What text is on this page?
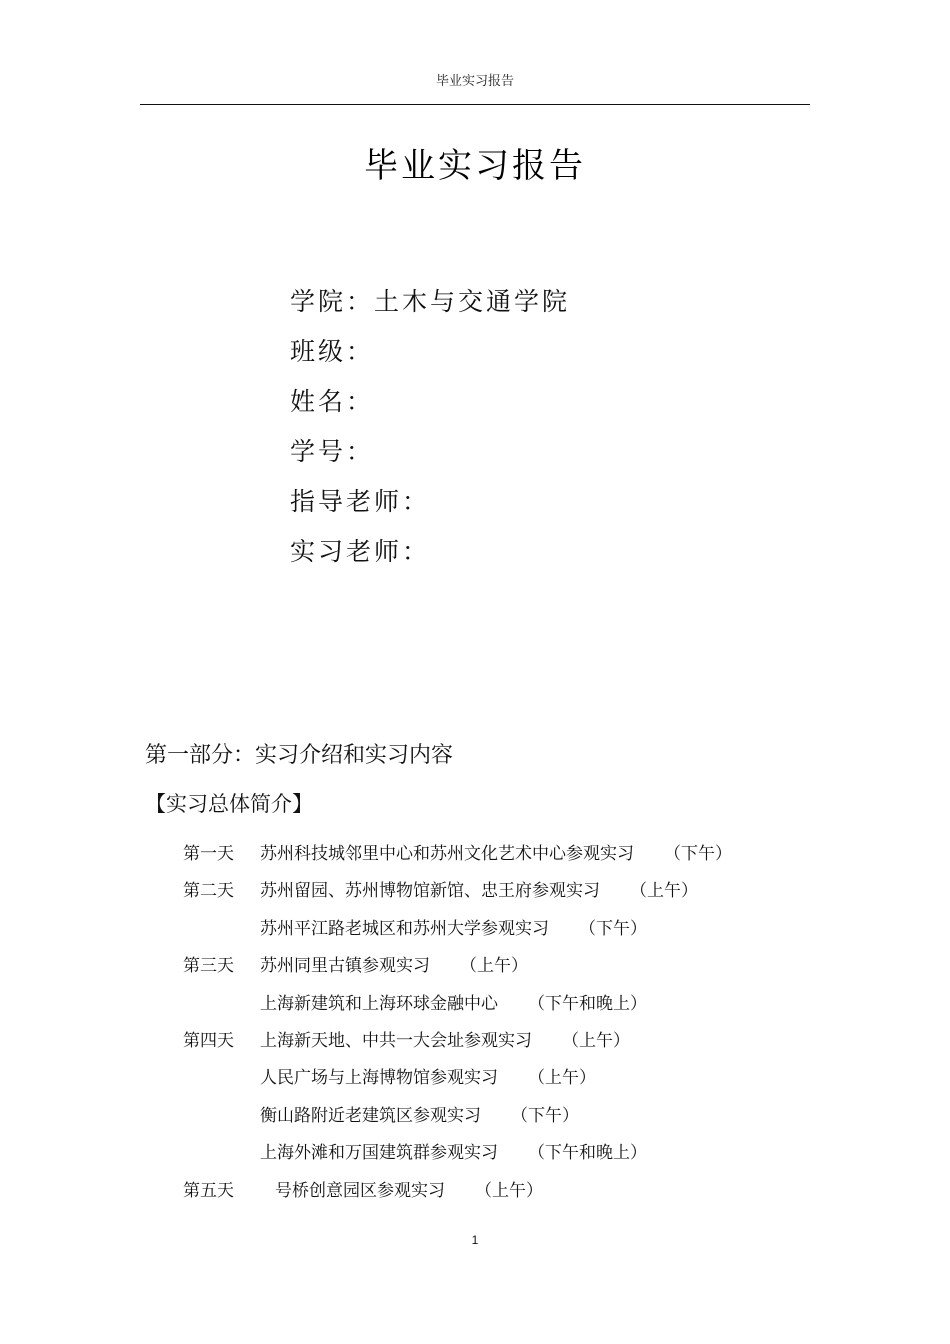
毕业实习报告
毕业实习报告
学院：土木与交通学院
班级：
姓名：
学号：
指导老师：
实习老师：
第一部分：实习介绍和实习内容
【实习总体简介】
第一天 苏州科技城邻里中心和苏州文化艺术中心参观实习 （下午）
第二天 苏州留园、苏州博物馆新馆、忠王府参观实习 （上午）
苏州平江路老城区和苏州大学参观实习 （下午）
第三天 苏州同里古镇参观实习 （上午）
上海新建筑和上海环球金融中心 （下午和晚上）
第四天 上海新天地、中共一大会址参观实习 （上午）
人民广场与上海博物馆参观实习 （上午）
衡山路附近老建筑区参观实习 （下午）
上海外滩和万国建筑群参观实习 （下午和晚上）
第五天 号桥创意园区参观实习 （上午）
1
